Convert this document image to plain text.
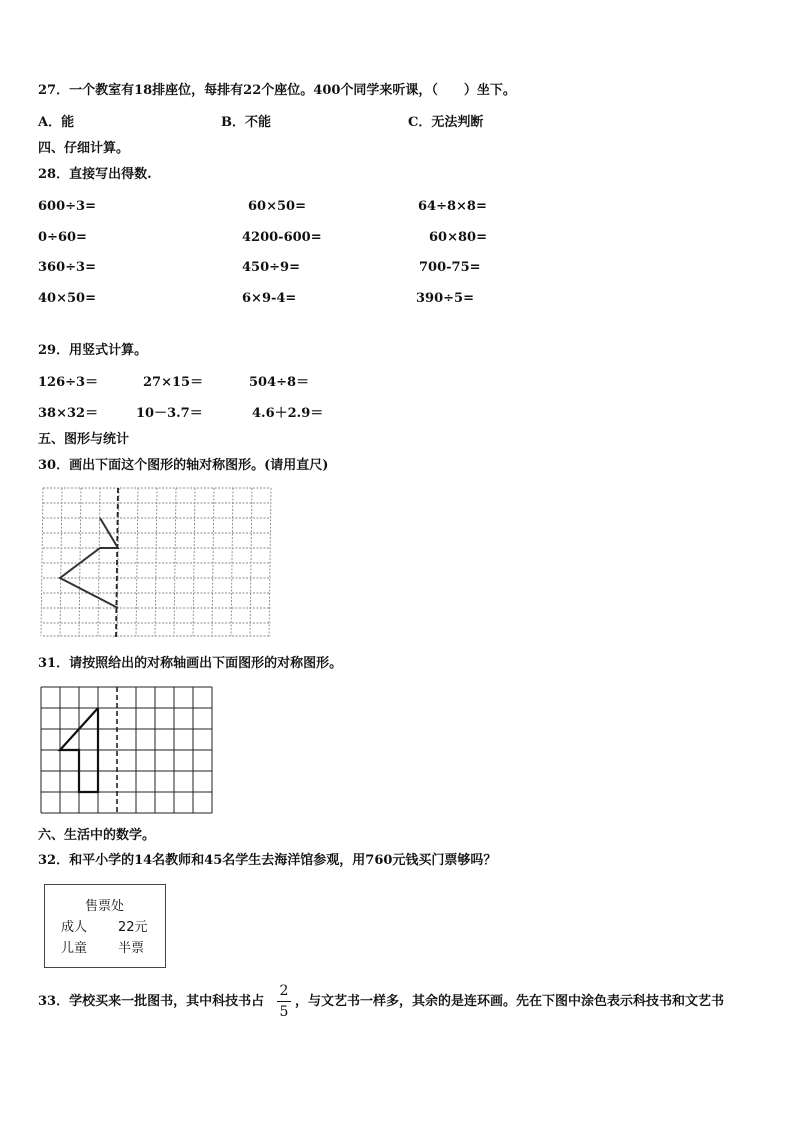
27．一个教室有18排座位，每排有22个座位。400个同学来听课，（　　）坐下。
A．能	B．不能	C．无法判断
四、仔细计算。
28．直接写出得数.
600÷3=	60×50=	64÷8×8=
0÷60=	4200-600=	60×80=
360÷3=	450÷9=	700-75=
40×50=	6×9-4=	390÷5=
29．用竖式计算。
126÷3＝	27×15＝	504÷8＝
38×32＝	10－3.7＝	4.6＋2.9＝
五、图形与统计
30．画出下面这个图形的轴对称图形。(请用直尺)
31．请按照给出的对称轴画出下面图形的对称图形。
六、生活中的数学。
32．和平小学的14名教师和45名学生去海洋馆参观，用760元钱买门票够吗？
售票处
成人 22元
儿童 半票
33．学校买来一批图书，其中科技书占
2
5
，与文艺书一样多，其余的是连环画。先在下图中涂色表示科技书和文艺书
